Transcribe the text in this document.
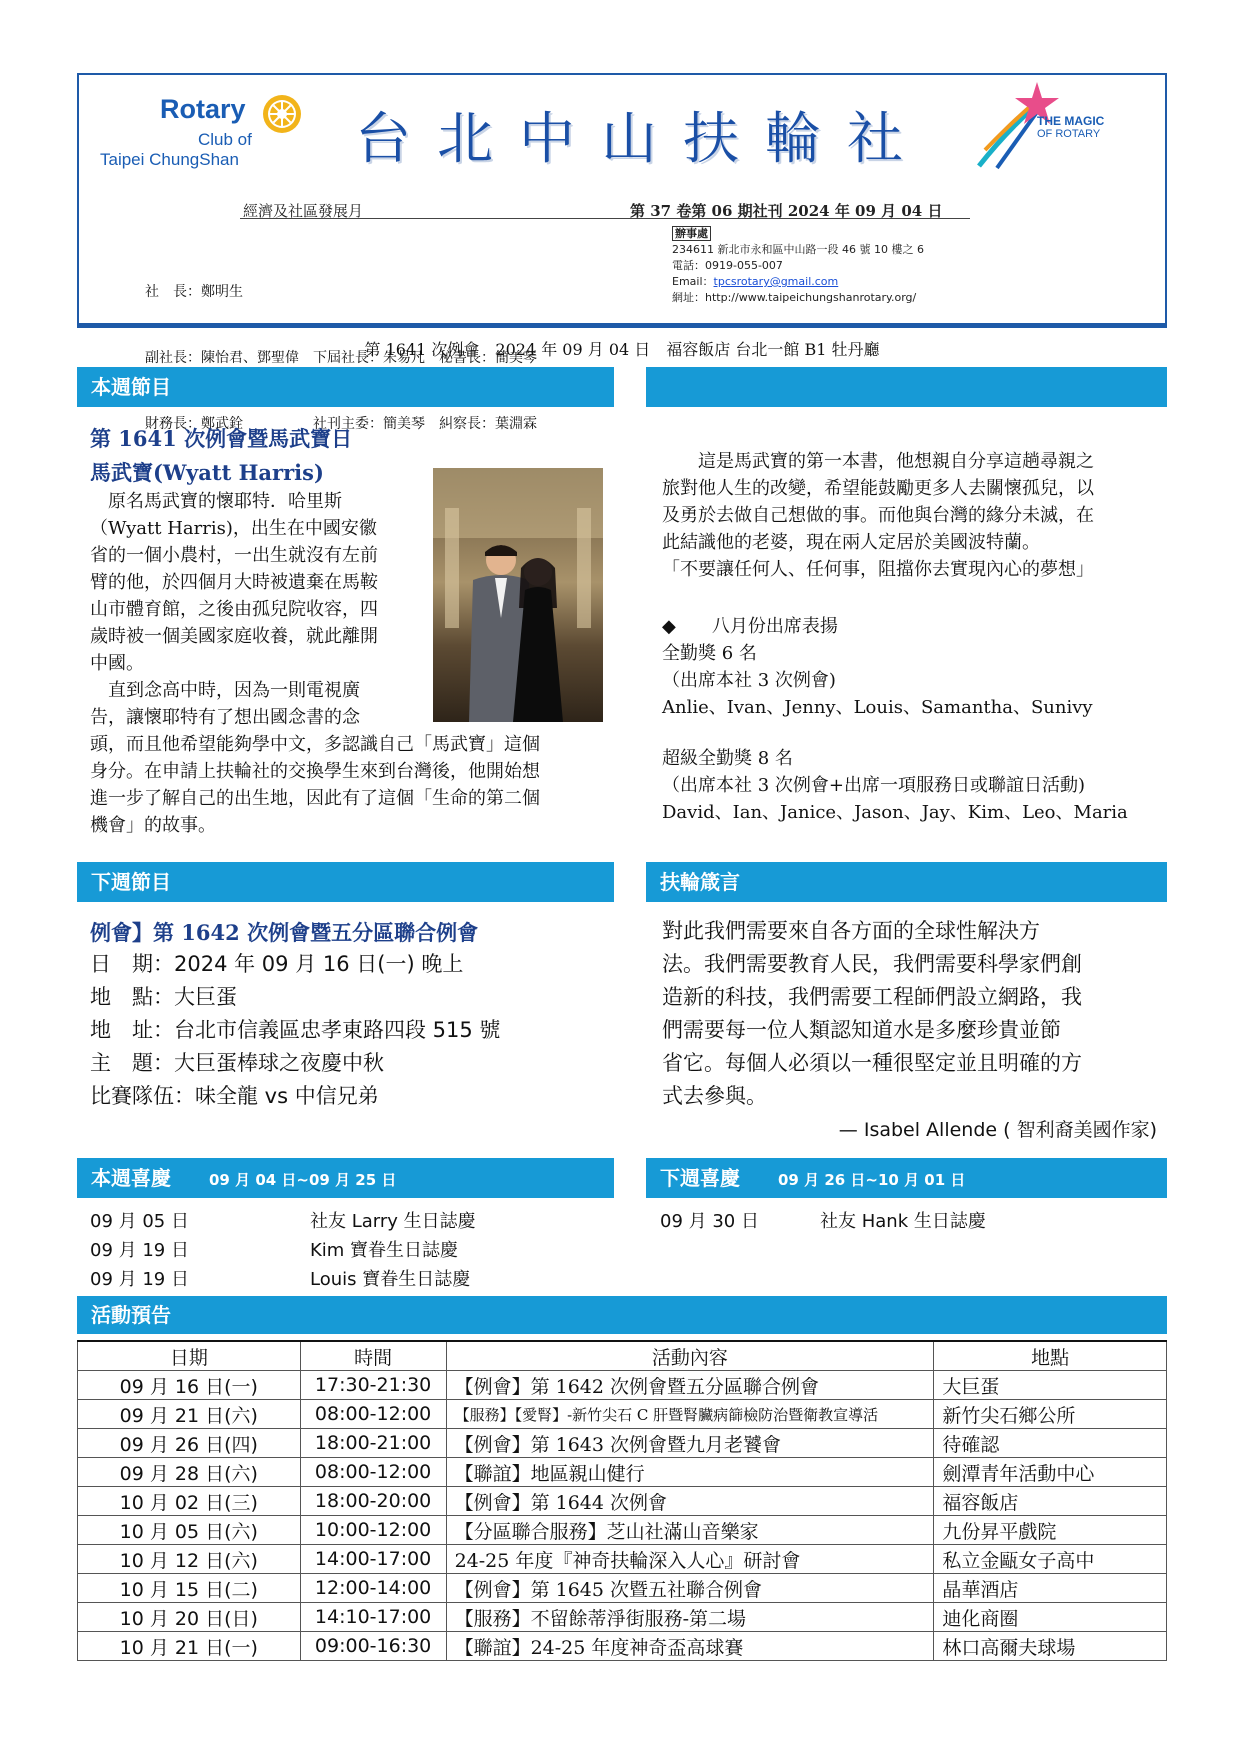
Rotary
Club of
Taipei ChungShan 台北中山扶輪社	THE MAGIC
OF ROTARY
經濟及社區發展月	第 37 卷第 06 期社刊 2024 年 09 月 04 日

社　長：鄭明生

副社長：陳怡君、鄧聖偉　下屆社長：朱易凡　秘書長：簡美琴

財務長：鄭武銓　　　　　社刊主委：簡美琴　糾察長：葉淵霖

辦事處
234611 新北市永和區中山路一段 46 號 10 樓之 6
電話：0919-055-007
Email：tpcsrotary@gmail.com
網址：http://www.taipeichungshanrotary.org/
第 1641 次例會　2024 年 09 月 04 日　福容飯店 台北一館 B1 牡丹廳
本週節目
第 1641 次例會暨馬武寶日
馬武寶(Wyatt Harris)
　原名馬武寶的懷耶特．哈里斯
（Wyatt Harris)，出生在中國安徽
省的一個小農村，一出生就沒有左前
臂的他，於四個月大時被遺棄在馬鞍
山市體育館，之後由孤兒院收容，四
歲時被一個美國家庭收養，就此離開
中國。
　直到念高中時，因為一則電視廣
告，讓懷耶特有了想出國念書的念
頭，而且他希望能夠學中文，多認識自己「馬武寶」這個
身分。在申請上扶輪社的交換學生來到台灣後，他開始想
進一步了解自己的出生地，因此有了這個「生命的第二個
機會」的故事。
　　這是馬武寶的第一本書，他想親自分享這趟尋親之
旅對他人生的改變，希望能鼓勵更多人去關懷孤兒，以
及勇於去做自己想做的事。而他與台灣的緣分未滅，在
此結識他的老婆，現在兩人定居於美國波特蘭。
「不要讓任何人、任何事，阻擋你去實現內心的夢想」
◆　　八月份出席表揚
全勤獎 6 名
（出席本社 3 次例會)
Anlie、Ivan、Jenny、Louis、Samantha、Sunivy
超級全勤獎 8 名
（出席本社 3 次例會+出席一項服務日或聯誼日活動)
David、Ian、Janice、Jason、Jay、Kim、Leo、Maria
下週節目	扶輪箴言
例會】第 1642 次例會暨五分區聯合例會
日　期：2024 年 09 月 16 日(一) 晚上
地　點：大巨蛋
地　址：台北市信義區忠孝東路四段 515 號
主　題：大巨蛋棒球之夜慶中秋
比賽隊伍：味全龍 vs 中信兄弟
對此我們需要來自各方面的全球性解決方
法。我們需要教育人民，我們需要科學家們創
造新的科技，我們需要工程師們設立網路，我
們需要每一位人類認知道水是多麼珍貴並節
省它。每個人必須以一種很堅定並且明確的方
式去參與。
— Isabel Allende ( 智利裔美國作家)
本週喜慶	09 月 04 日~09 月 25 日	下週喜慶	09 月 26 日~10 月 01 日
09 月 05 日	社友 Larry 生日誌慶
09 月 19 日	Kim 寶眷生日誌慶
09 月 19 日	Louis 寶眷生日誌慶
09 月 30 日	社友 Hank 生日誌慶
活動預告
日期	時間	活動內容	地點
09 月 16 日(一)	17:30-21:30	【例會】第 1642 次例會暨五分區聯合例會	大巨蛋
09 月 21 日(六)	08:00-12:00	【服務】【愛腎】-新竹尖石 C 肝暨腎臟病篩檢防治暨衛教宣導活	新竹尖石鄉公所
09 月 26 日(四)	18:00-21:00	【例會】第 1643 次例會暨九月老饕會	待確認
09 月 28 日(六)	08:00-12:00	【聯誼】地區親山健行	劍潭青年活動中心
10 月 02 日(三)	18:00-20:00	【例會】第 1644 次例會	福容飯店
10 月 05 日(六)	10:00-12:00	【分區聯合服務】芝山社滿山音樂家	九份昇平戲院
10 月 12 日(六)	14:00-17:00	24-25 年度『神奇扶輪深入人心』研討會	私立金甌女子高中
10 月 15 日(二)	12:00-14:00	【例會】第 1645 次暨五社聯合例會	晶華酒店
10 月 20 日(日)	14:10-17:00	【服務】不留餘蒂淨街服務-第二場	迪化商圈
10 月 21 日(一)	09:00-16:30	【聯誼】24-25 年度神奇盃高球賽	林口高爾夫球場
